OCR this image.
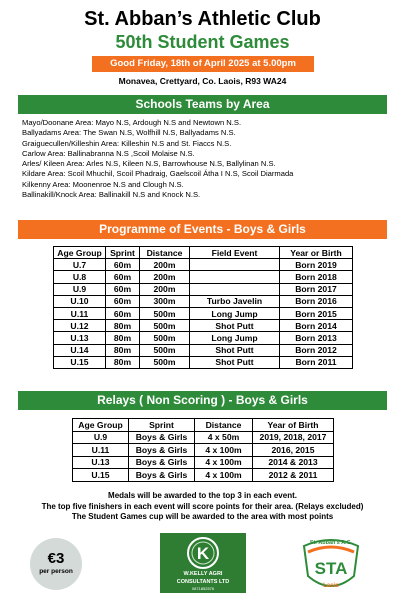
St. Abban’s Athletic Club
50th Student Games
Good Friday, 18th of April 2025 at 5.00pm
Monavea, Crettyard, Co. Laois, R93 WA24
Schools Teams by Area
Mayo/Doonane Area: Mayo N.S, Ardough N.S and Newtown N.S.
Ballyadams Area: The Swan N.S, Wolfhill N.S, Ballyadams N.S.
Graiguecullen/Killeshin Area: Killeshin N.S and St. Fiaccs N.S.
Carlow Area: Ballinabranna N.S ,Scoil Molaise N.S.
Arles/ Kileen Area: Arles N.S, Kileen N.S, Barrowhouse N.S, Ballylinan N.S.
Kildare Area: Scoil Mhuchil, Scoil Phadraig, Gaelscoil Átha I N.S, Scoil Diarmada
Kilkenny Area: Moonenroe N.S and Clough N.S.
Ballinakill/Knock Area: Ballinakill N.S and Knock N.S.
Programme of Events - Boys & Girls
Age Group	Sprint	Distance	Field Event	Year or Birth
U.7	60m	200m		Born 2019
U.8	60m	200m		Born 2018
U.9	60m	200m		Born 2017
U.10	60m	300m	Turbo Javelin	Born 2016
U.11	60m	500m	Long Jump	Born 2015
U.12	80m	500m	Shot Putt	Born 2014
U.13	80m	500m	Long Jump	Born 2013
U.14	80m	500m	Shot Putt	Born 2012
U.15	80m	500m	Shot Putt	Born 2011
Relays ( Non Scoring ) - Boys & Girls
Age Group	Sprint	Distance	Year of Birth
U.9	Boys & Girls	4 x 50m	2019, 2018, 2017
U.11	Boys & Girls	4 x 100m	2016, 2015
U.13	Boys & Girls	4 x 100m	2014 & 2013
U.15	Boys & Girls	4 x 100m	2012 & 2011
Medals will be awarded to the top 3 in each event.
The top five finishers in each event will score points for their area. (Relays excluded)
The Student Games cup will be awarded to the area with most points
€3
per person
K
W.KELLY AGRI
CONSULTANTS LTD
0871852576
St. Abban's A.C.
STA
Laois
